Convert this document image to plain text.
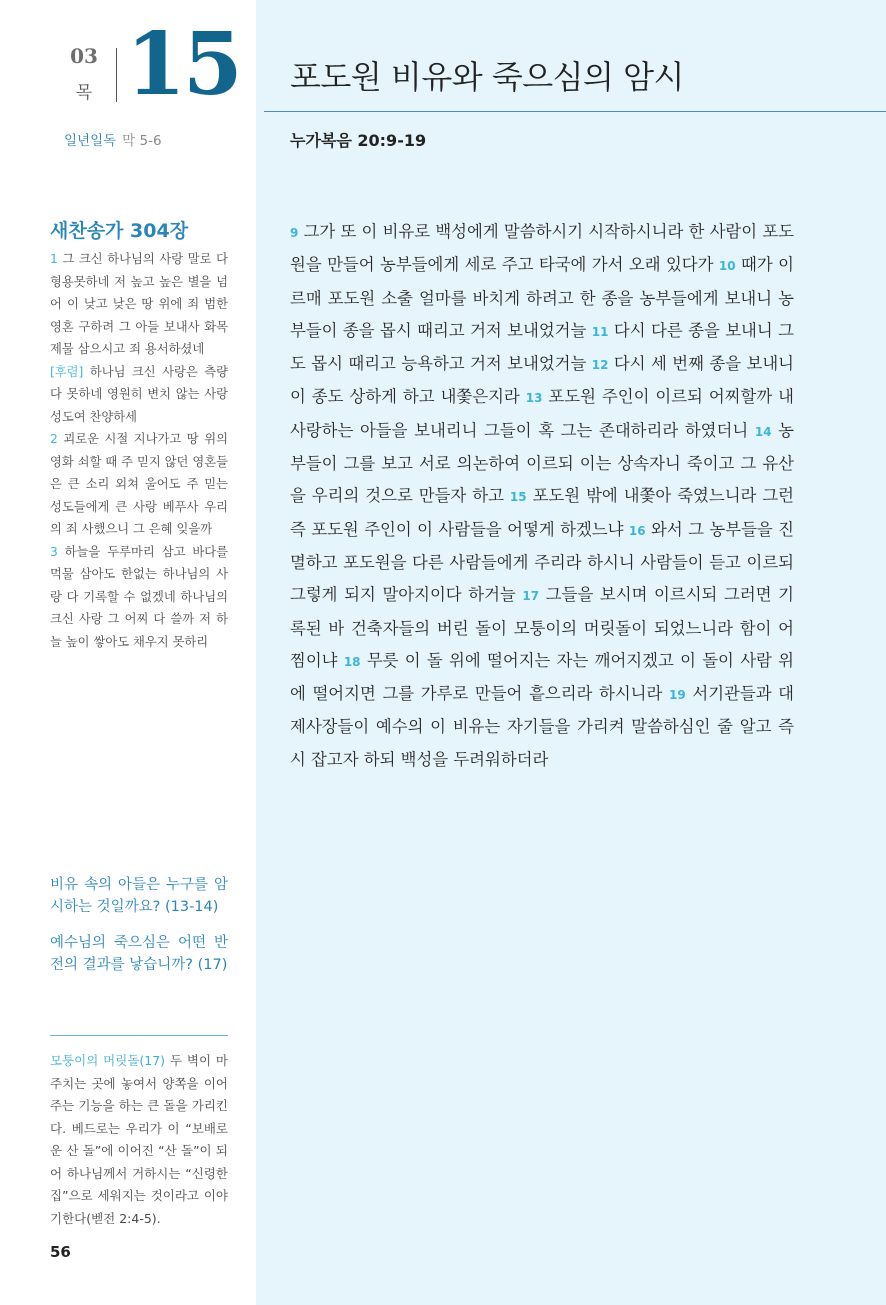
03
목 15
일년일독 막 5-6
새찬송가 304장
1 그 크신 하나님의 사랑 말로 다 형용못하네 저 높고 높은 별을 넘어 이 낮고 낮은 땅 위에 죄 범한 영혼 구하려 그 아들 보내사 화목 제물 삼으시고 죄 용서하셨네
[후렴] 하나님 크신 사랑은 측량 다 못하네 영원히 변치 않는 사랑 성도여 찬양하세
2 괴로운 시절 지나가고 땅 위의 영화 쇠할 때 주 믿지 않던 영혼들은 큰 소리 외쳐 울어도 주 믿는 성도들에게 큰 사랑 베푸사 우리의 죄 사했으니 그 은혜 잊을까
3 하늘을 두루마리 삼고 바다를 먹물 삼아도 한없는 하나님의 사랑 다 기록할 수 없겠네 하나님의 크신 사랑 그 어찌 다 쓸까 저 하늘 높이 쌓아도 채우지 못하리

비유 속의 아들은 누구를 암시하는 것일까요? (13-14)

예수님의 죽으심은 어떤 반전의 결과를 낳습니까? (17)

모퉁이의 머릿돌(17) 두 벽이 마주치는 곳에 놓여서 양쪽을 이어주는 기능을 하는 큰 돌을 가리킨다. 베드로는 우리가 이 “보배로운 산 돌”에 이어진 “산 돌”이 되어 하나님께서 거하시는 “신령한 집”으로 세워지는 것이라고 이야기한다(벧전 2:4-5).
56
포도원 비유와 죽으심의 암시
누가복음 20:9-19
9 그가 또 이 비유로 백성에게 말씀하시기 시작하시니라 한 사람이 포도원을 만들어 농부들에게 세로 주고 타국에 가서 오래 있다가 10 때가 이르매 포도원 소출 얼마를 바치게 하려고 한 종을 농부들에게 보내니 농부들이 종을 몹시 때리고 거저 보내었거늘 11 다시 다른 종을 보내니 그도 몹시 때리고 능욕하고 거저 보내었거늘 12 다시 세 번째 종을 보내니 이 종도 상하게 하고 내쫓은지라 13 포도원 주인이 이르되 어찌할까 내 사랑하는 아들을 보내리니 그들이 혹 그는 존대하리라 하였더니 14 농부들이 그를 보고 서로 의논하여 이르되 이는 상속자니 죽이고 그 유산을 우리의 것으로 만들자 하고 15 포도원 밖에 내쫓아 죽였느니라 그런즉 포도원 주인이 이 사람들을 어떻게 하겠느냐 16 와서 그 농부들을 진멸하고 포도원을 다른 사람들에게 주리라 하시니 사람들이 듣고 이르되 그렇게 되지 말아지이다 하거늘 17 그들을 보시며 이르시되 그러면 기록된 바 건축자들의 버린 돌이 모퉁이의 머릿돌이 되었느니라 함이 어찜이냐 18 무릇 이 돌 위에 떨어지는 자는 깨어지겠고 이 돌이 사람 위에 떨어지면 그를 가루로 만들어 흩으리라 하시니라 19 서기관들과 대제사장들이 예수의 이 비유는 자기들을 가리켜 말씀하심인 줄 알고 즉시 잡고자 하되 백성을 두려워하더라
